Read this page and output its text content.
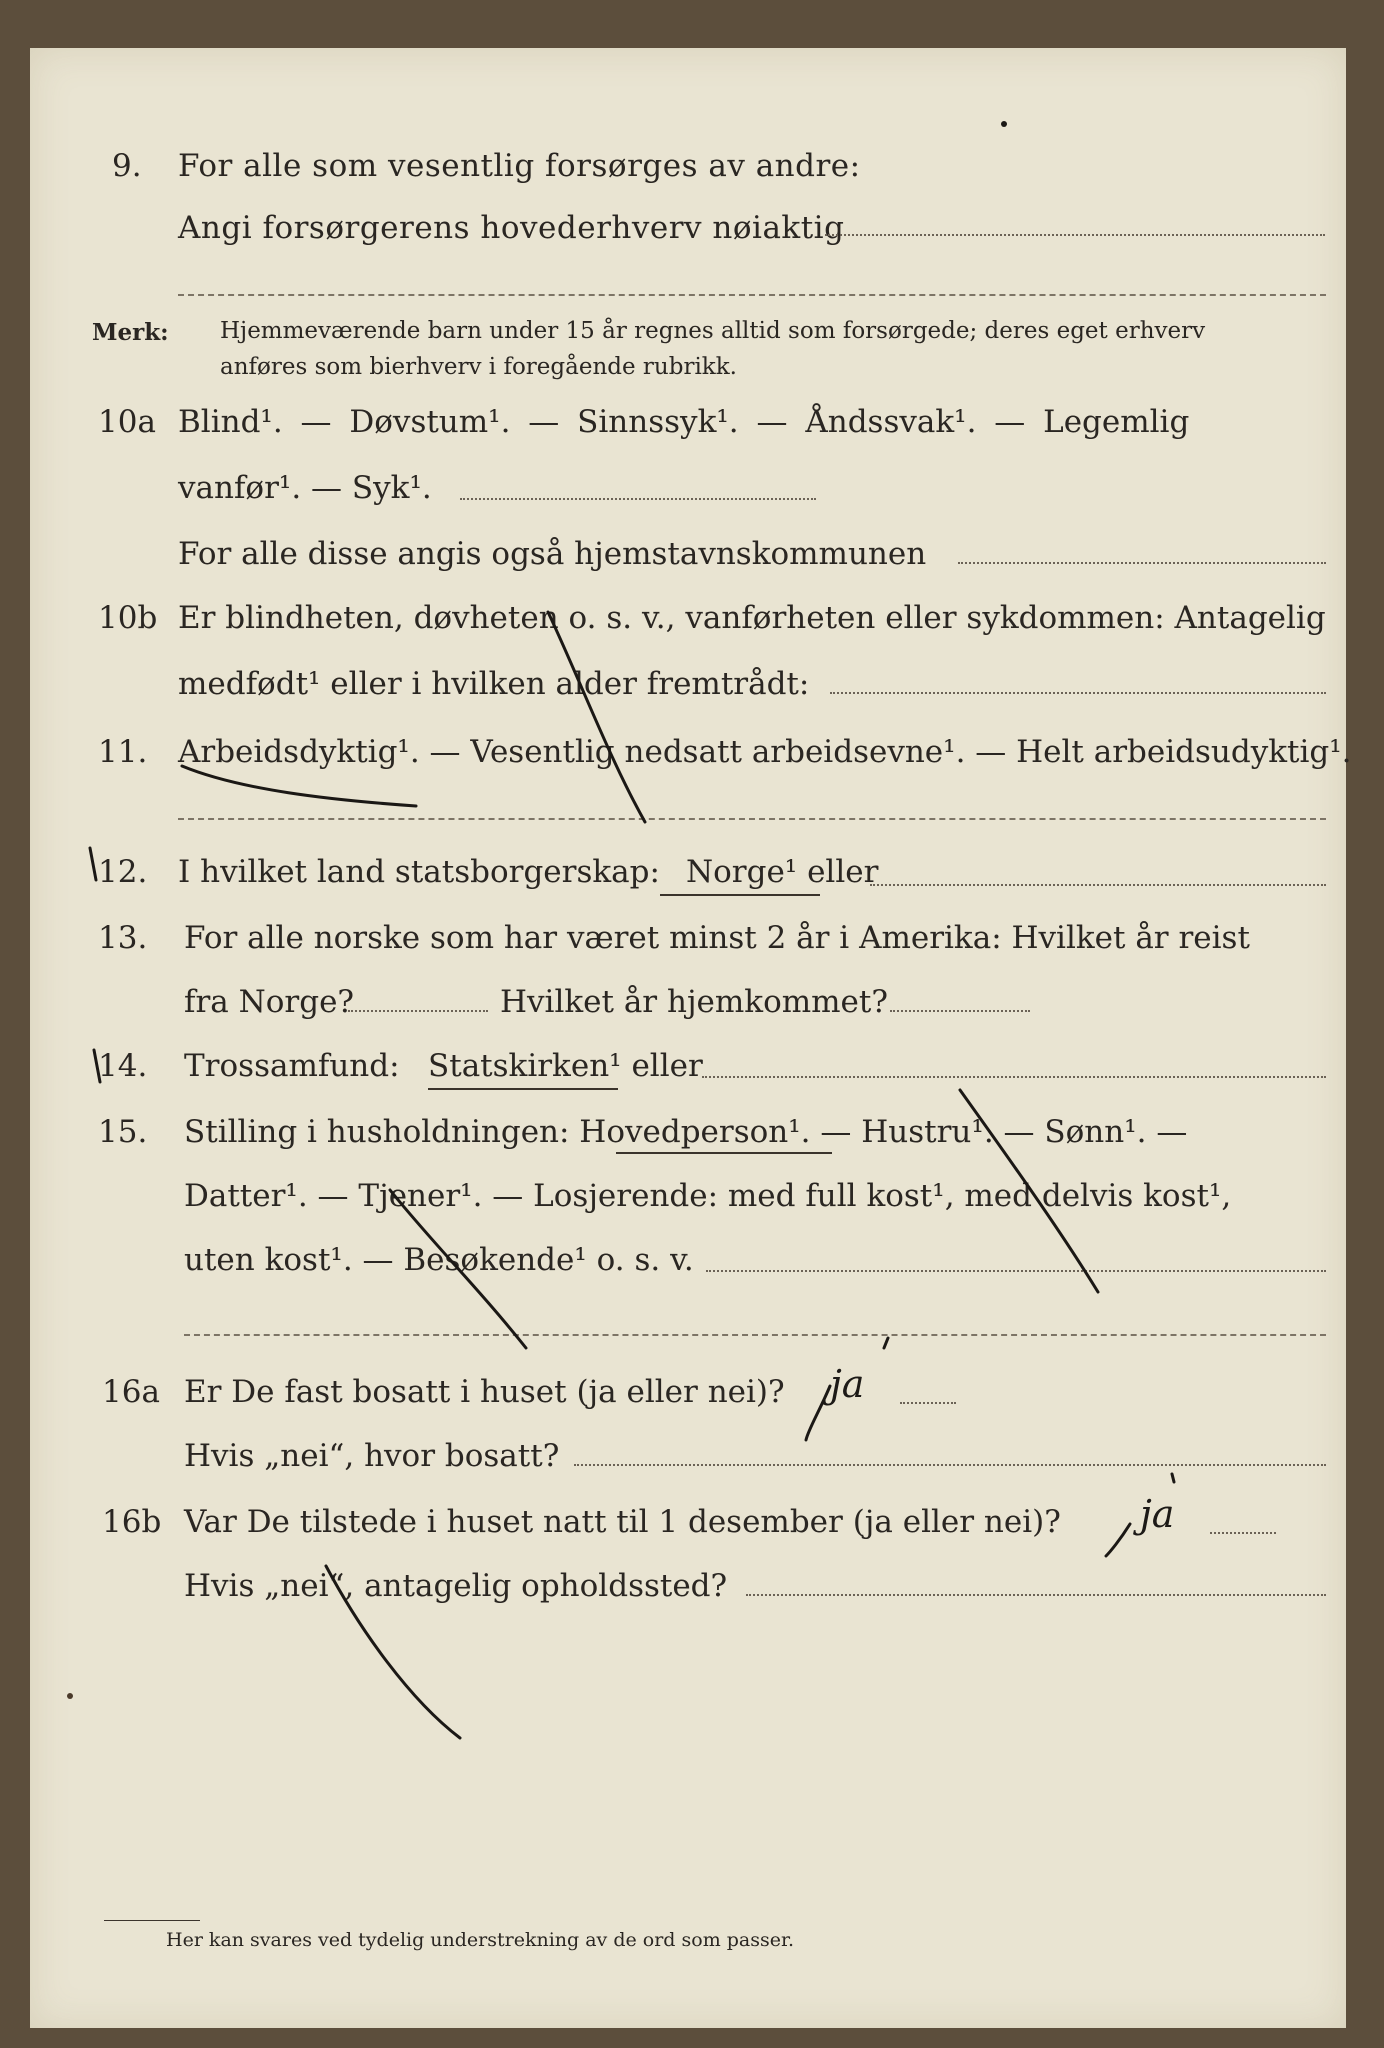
9. For alle som vesentlig forsørges av andre:
Angi forsørgerens hovederhverv nøiaktig
Merk: Hjemmeværende barn under 15 år regnes alltid som forsørgede; deres eget erhverv
anføres som bierhverv i foregående rubrikk.
10a Blind¹. — Døvstum¹. — Sinnssyk¹. — Åndssvak¹. — Legemlig
vanfør¹. — Syk¹.
For alle disse angis også hjemstavnskommunen
10b Er blindheten, døvheten o. s. v., vanførheten eller sykdommen: Antagelig
medfødt¹ eller i hvilken alder fremtrådt:
11. Arbeidsdyktig¹. — Vesentlig nedsatt arbeidsevne¹. — Helt arbeidsudyktig¹.
12. I hvilket land statsborgerskap: Norge¹ eller
13. For alle norske som har været minst 2 år i Amerika: Hvilket år reist
fra Norge?	Hvilket år hjemkommet?
14. Trossamfund: Statskirken¹ eller
15. Stilling i husholdningen: Hovedperson¹. — Hustru¹. — Sønn¹. —
Datter¹. — Tjener¹. — Losjerende: med full kost¹, med delvis kost¹,
uten kost¹. — Besøkende¹ o. s. v.
16a Er De fast bosatt i huset (ja eller nei)? ja
Hvis „nei“, hvor bosatt?
16b Var De tilstede i huset natt til 1 desember (ja eller nei)? ja
Hvis „nei“, antagelig opholdssted?
Her kan svares ved tydelig understrekning av de ord som passer.
